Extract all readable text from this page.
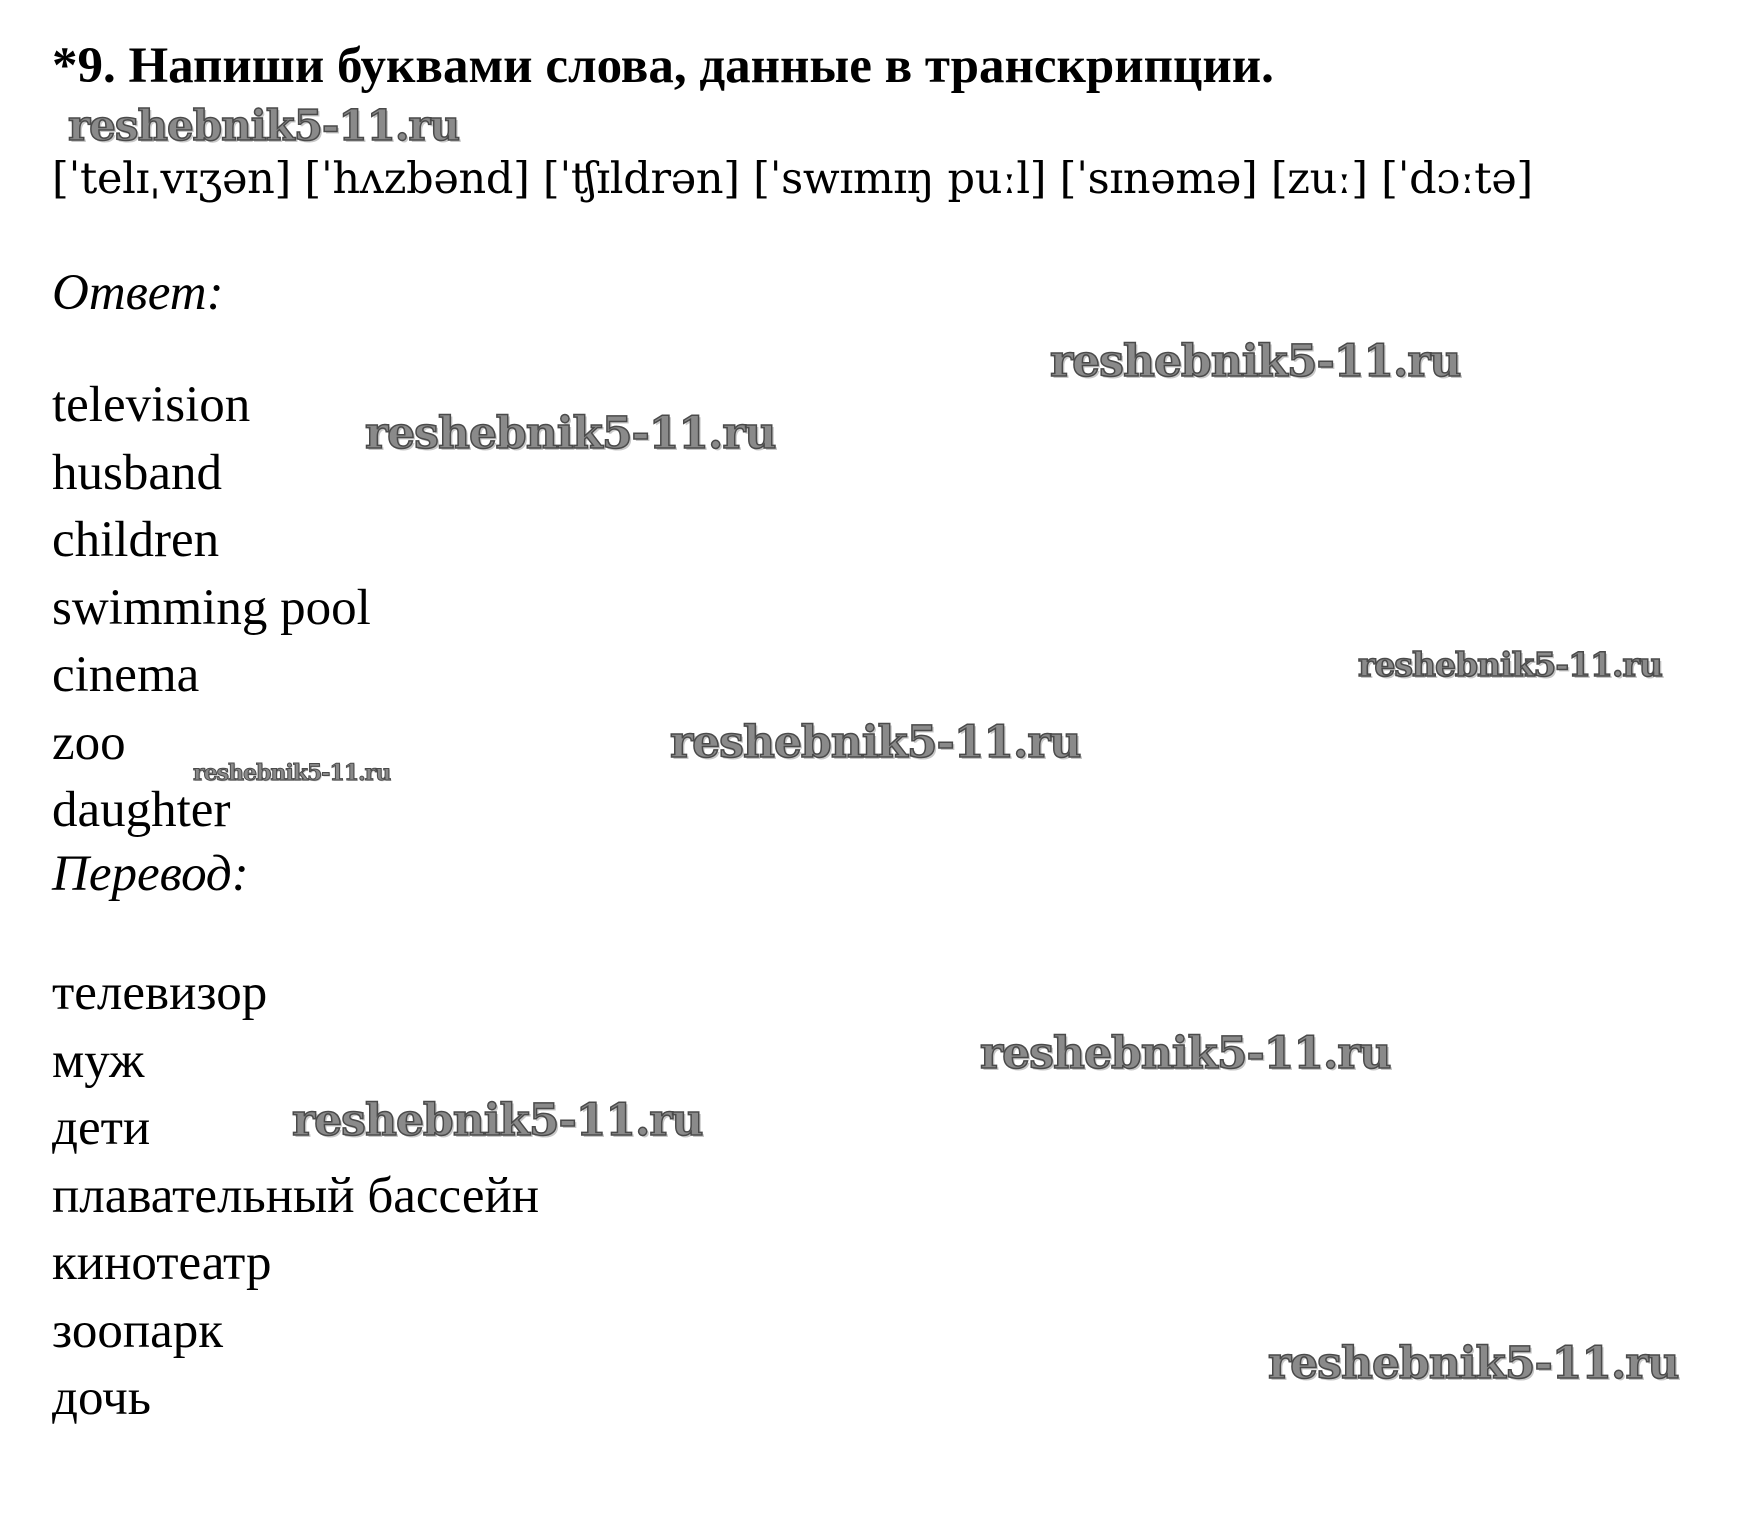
*9. Напиши буквами слова, данные в транскрипции.
[ˈtelɪˌvɪʒən] [ˈhʌzbənd] [ˈʧɪldrən] [ˈswɪmɪŋ puːl] [ˈsɪnəmə] [zuː] [ˈdɔːtə]
Ответ:
television
husband
children
swimming pool
cinema
zoo
daughter
Перевод:
телевизор
муж
дети
плавательный бассейн
кинотеатр
зоопарк
дочь
reshebnik5-11.ru
reshebnik5-11.ru
reshebnik5-11.ru
reshebnik5-11.ru
reshebnik5-11.ru
reshebnik5-11.ru
reshebnik5-11.ru
reshebnik5-11.ru
reshebnik5-11.ru
